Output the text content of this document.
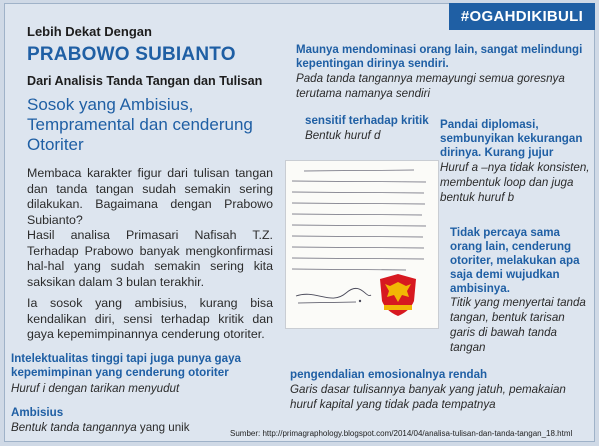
#OGAHDIKIBULI
Lebih Dekat Dengan
PRABOWO SUBIANTO
Dari Analisis Tanda Tangan dan Tulisan
Sosok yang Ambisius,
Tempramental dan cenderung
Otoriter
Membaca karakter figur dari tulisan tangan dan tanda tangan sudah semakin sering dilakukan. Bagaimana dengan Prabowo Subianto?
Hasil analisa Primasari Nafisah T.Z. Terhadap Prabowo banyak mengkonfirmasi hal-hal yang sudah semakin sering kita saksikan dalam 3 bulan terakhir.
Ia sosok yang ambisius, kurang bisa kendalikan diri, sensi terhadap kritik dan gaya kepemimpinannya cenderung otoriter.
Maunya mendominasi orang lain, sangat melindungi kepentingan dirinya sendiri.
Pada tanda tangannya memayungi semua goresnya terutama namanya sendiri
sensitif terhadap kritik
Bentuk huruf d
Pandai diplomasi, sembunyikan kekurangan dirinya. Kurang jujur
Huruf a –nya tidak konsisten, membentuk loop dan juga bentuk huruf b
Tidak percaya sama orang lain, cenderung otoriter, melakukan apa saja demi wujudkan ambisinya.
Titik yang menyertai tanda tangan, bentuk tarisan garis di bawah tanda tangan
Intelektualitas tinggi tapi juga punya gaya kepemimpinan yang cenderung otoriter
Huruf i dengan tarikan menyudut
pengendalian emosionalnya rendah
Garis dasar tulisannya banyak yang jatuh, pemakaian huruf kapital yang tidak pada tempatnya
Ambisius
Bentuk tanda tangannya yang unik	Sumber: http://primagraphology.blogspot.com/2014/04/analisa-tulisan-dan-tanda-tangan_18.html
